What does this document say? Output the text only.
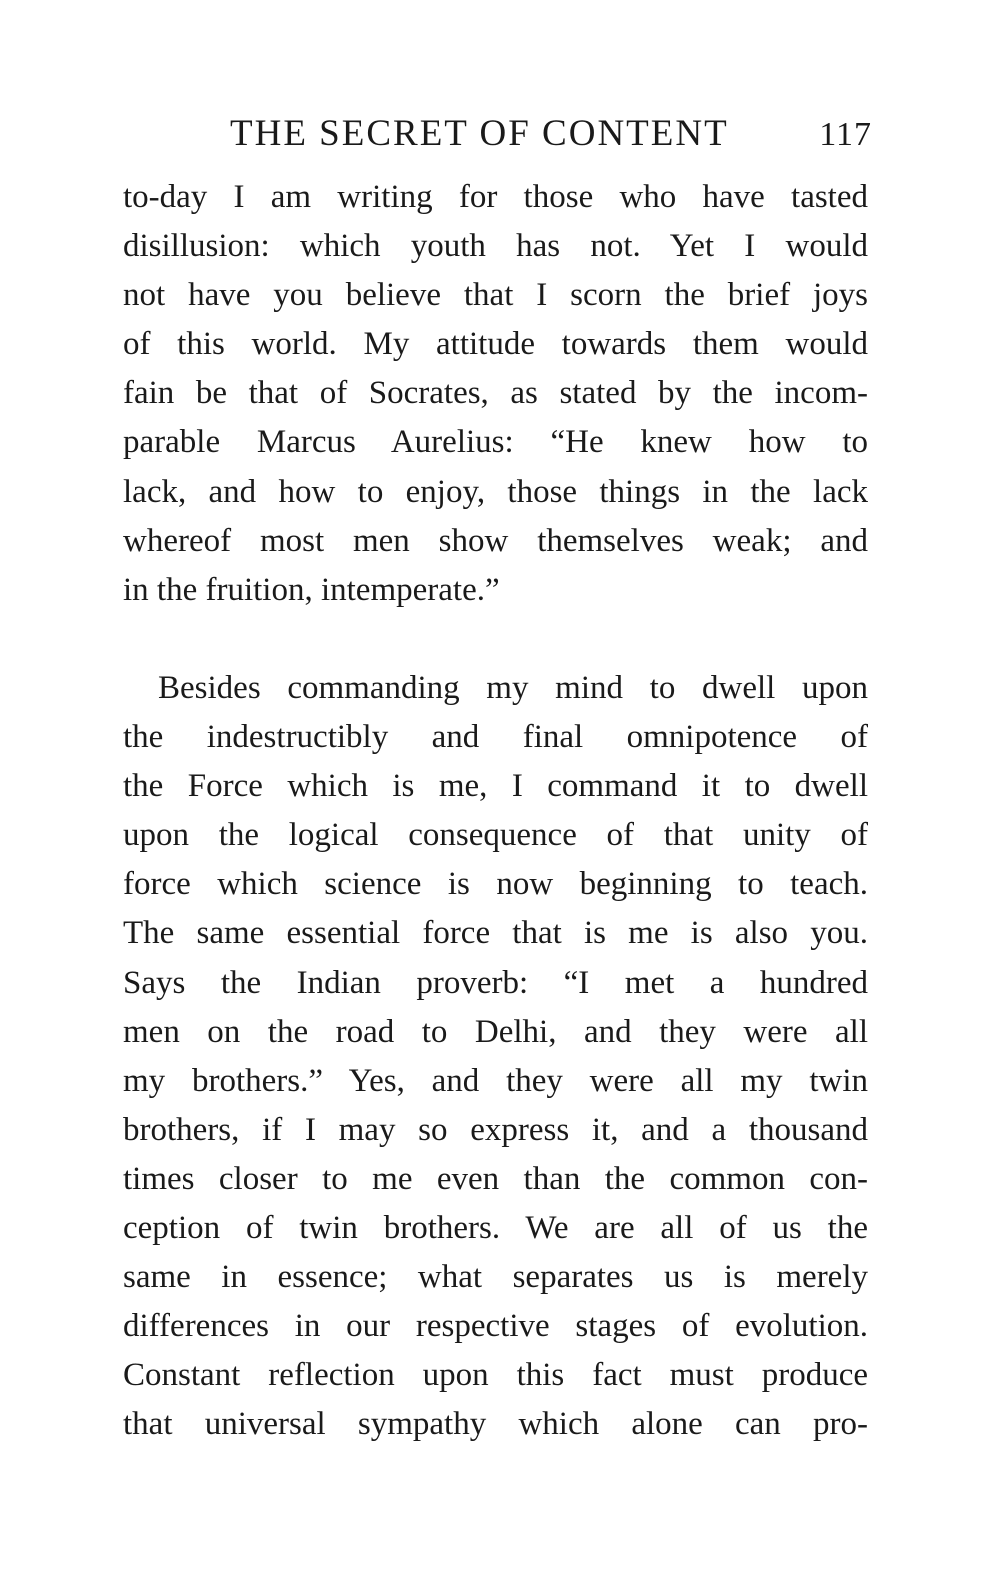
THE SECRET OF CONTENT	117
to-day I am writing for those who have tasted
disillusion: which youth has not. Yet I would
not have you believe that I scorn the brief joys
of this world. My attitude towards them would
fain be that of Socrates, as stated by the incom-
parable Marcus Aurelius: “He knew how to
lack, and how to enjoy, those things in the lack
whereof most men show themselves weak; and
in the fruition, intemperate.”
Besides commanding my mind to dwell upon
the indestructibly and final omnipotence of
the Force which is me, I command it to dwell
upon the logical consequence of that unity of
force which science is now beginning to teach.
The same essential force that is me is also you.
Says the Indian proverb: “I met a hundred
men on the road to Delhi, and they were all
my brothers.” Yes, and they were all my twin
brothers, if I may so express it, and a thousand
times closer to me even than the common con-
ception of twin brothers. We are all of us the
same in essence; what separates us is merely
differences in our respective stages of evolution.
Constant reflection upon this fact must produce
that universal sympathy which alone can pro-
